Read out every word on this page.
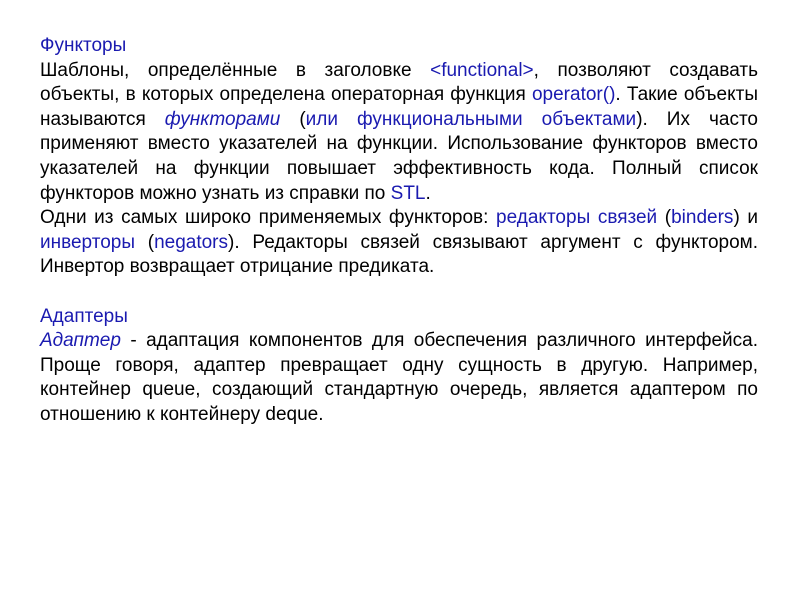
Функторы

Шаблоны, определённые в заголовке <functional>, позволяют создавать объекты, в которых определена операторная функция operator(). Такие объекты называются функторами (или функциональными объектами). Их часто применяют вместо указателей на функции. Использование функторов вместо указателей на функции повышает эффективность кода. Полный список функторов можно узнать из справки по STL.

Одни из самых широко применяемых функторов: редакторы связей (binders) и инверторы (negators). Редакторы связей связывают аргумент с функтором. Инвертор возвращает отрицание предиката.

Адаптеры

Адаптер - адаптация компонентов для обеспечения различного интерфейса. Проще говоря, адаптер превращает одну сущность в другую. Например, контейнер queue, создающий стандартную очередь, является адаптером по отношению к контейнеру deque.
